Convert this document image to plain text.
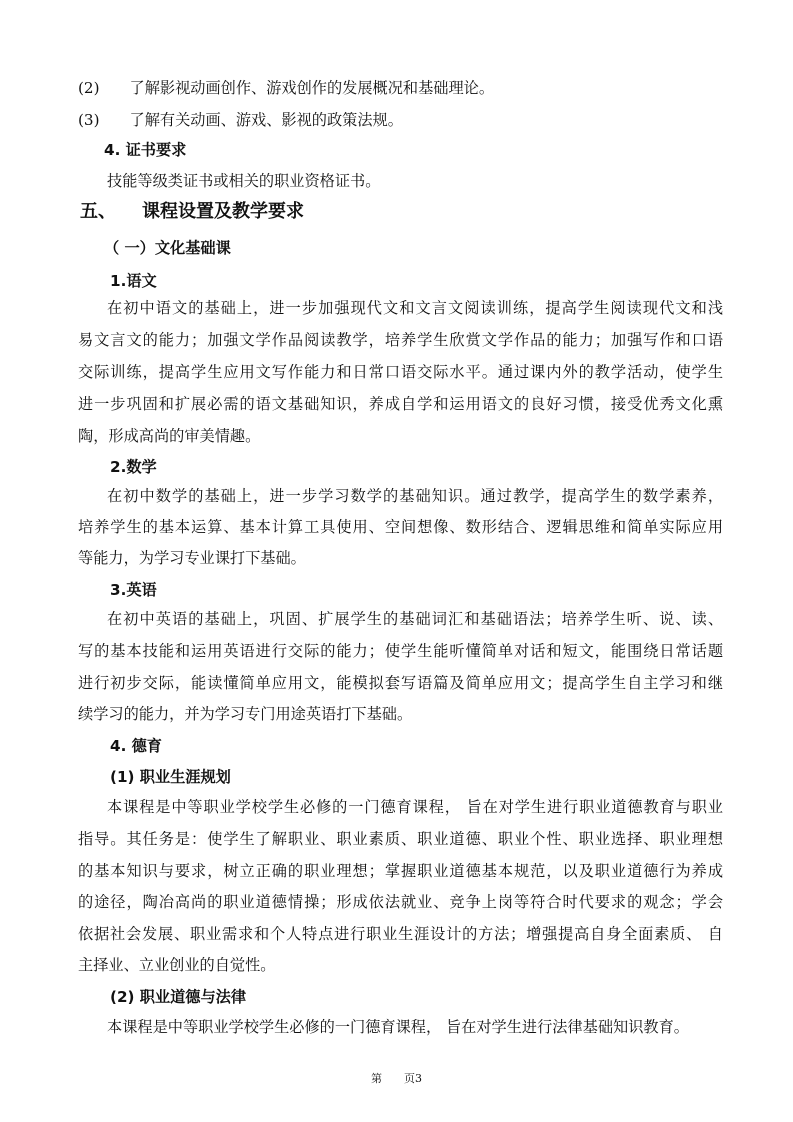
(2) 了解影视动画创作、游戏创作的发展概况和基础理论。
(3) 了解有关动画、游戏、影视的政策法规。
4. 证书要求
技能等级类证书或相关的职业资格证书。
五、 课程设置及教学要求
（ 一）文化基础课
1.语文
在初中语文的基础上，进一步加强现代文和文言文阅读训练，提高学生阅读现代文和浅
易文言文的能力；加强文学作品阅读教学，培养学生欣赏文学作品的能力；加强写作和口语
交际训练，提高学生应用文写作能力和日常口语交际水平。通过课内外的教学活动，使学生
进一步巩固和扩展必需的语文基础知识，养成自学和运用语文的良好习惯，接受优秀文化熏
陶，形成高尚的审美情趣。
2.数学
在初中数学的基础上，进一步学习数学的基础知识。通过教学，提高学生的数学素养，
培养学生的基本运算、基本计算工具使用、空间想像、数形结合、逻辑思维和简单实际应用
等能力，为学习专业课打下基础。
3.英语
在初中英语的基础上，巩固、扩展学生的基础词汇和基础语法；培养学生听、说、读、
写的基本技能和运用英语进行交际的能力；使学生能听懂简单对话和短文，能围绕日常话题
进行初步交际，能读懂简单应用文，能模拟套写语篇及简单应用文；提高学生自主学习和继
续学习的能力，并为学习专门用途英语打下基础。
4. 德育
(1) 职业生涯规划
本课程是中等职业学校学生必修的一门德育课程， 旨在对学生进行职业道德教育与职业
指导。其任务是：使学生了解职业、职业素质、职业道德、职业个性、职业选择、职业理想
的基本知识与要求，树立正确的职业理想；掌握职业道德基本规范，以及职业道德行为养成
的途径，陶冶高尚的职业道德情操；形成依法就业、竞争上岗等符合时代要求的观念；学会
依据社会发展、职业需求和个人特点进行职业生涯设计的方法；增强提高自身全面素质、 自
主择业、立业创业的自觉性。
(2) 职业道德与法律
本课程是中等职业学校学生必修的一门德育课程， 旨在对学生进行法律基础知识教育。
第　　页3
